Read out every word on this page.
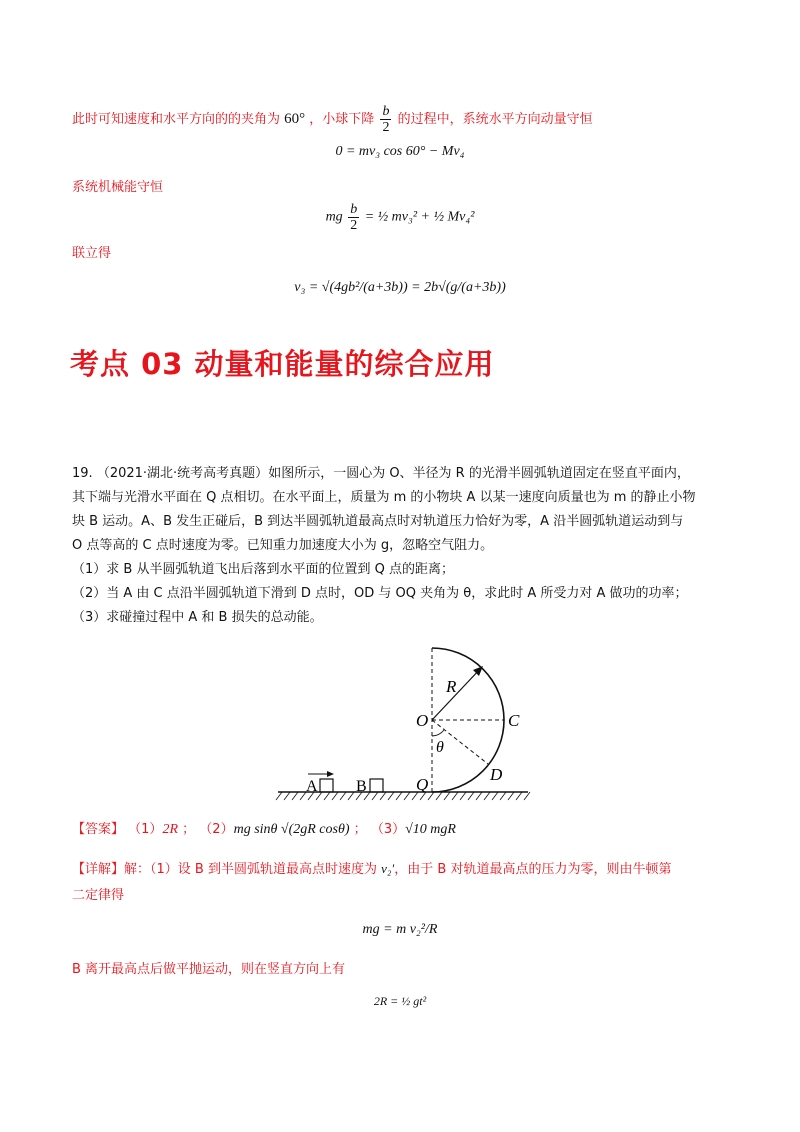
此时可知速度和水平方向的的夹角为 60° ，小球下降 $\frac{b}{2}$ 的过程中，系统水平方向动量守恒
0 = mv₃ cos 60° − Mv₄
系统机械能守恒
mg $\frac{b}{2}$ = ½ mv₃² + ½ Mv₄²
联立得
v₃ = √(4gb²/(a+3b)) = 2b√(g/(a+3b))
考点 03 动量和能量的综合应用
19. （2021·湖北·统考高考真题）如图所示，一圆心为 O、半径为 R 的光滑半圆弧轨道固定在竖直平面内，
其下端与光滑水平面在 Q 点相切。在水平面上，质量为 m 的小物块 A 以某一速度向质量也为 m 的静止小物
块 B 运动。A、B 发生正碰后，B 到达半圆弧轨道最高点时对轨道压力恰好为零，A 沿半圆弧轨道运动到与
O 点等高的 C 点时速度为零。已知重力加速度大小为 g，忽略空气阻力。
（1）求 B 从半圆弧轨道飞出后落到水平面的位置到 Q 点的距离；
（2）当 A 由 C 点沿半圆弧轨道下滑到 D 点时，OD 与 OQ 夹角为 θ，求此时 A 所受力对 A 做功的功率；
（3）求碰撞过程中 A 和 B 损失的总动能。
R
O	C
θ
D
Q
A B
【答案】 （1）2R ； （2）mg sinθ √(2gR cosθ) ； （3）√10 mgR
【详解】解：（1）设 B 到半圆弧轨道最高点时速度为 v₂′，由于 B 对轨道最高点的压力为零，则由牛顿第
二定律得
mg = m v₂²/R
B 离开最高点后做平抛运动，则在竖直方向上有
2R = ½ gt²
